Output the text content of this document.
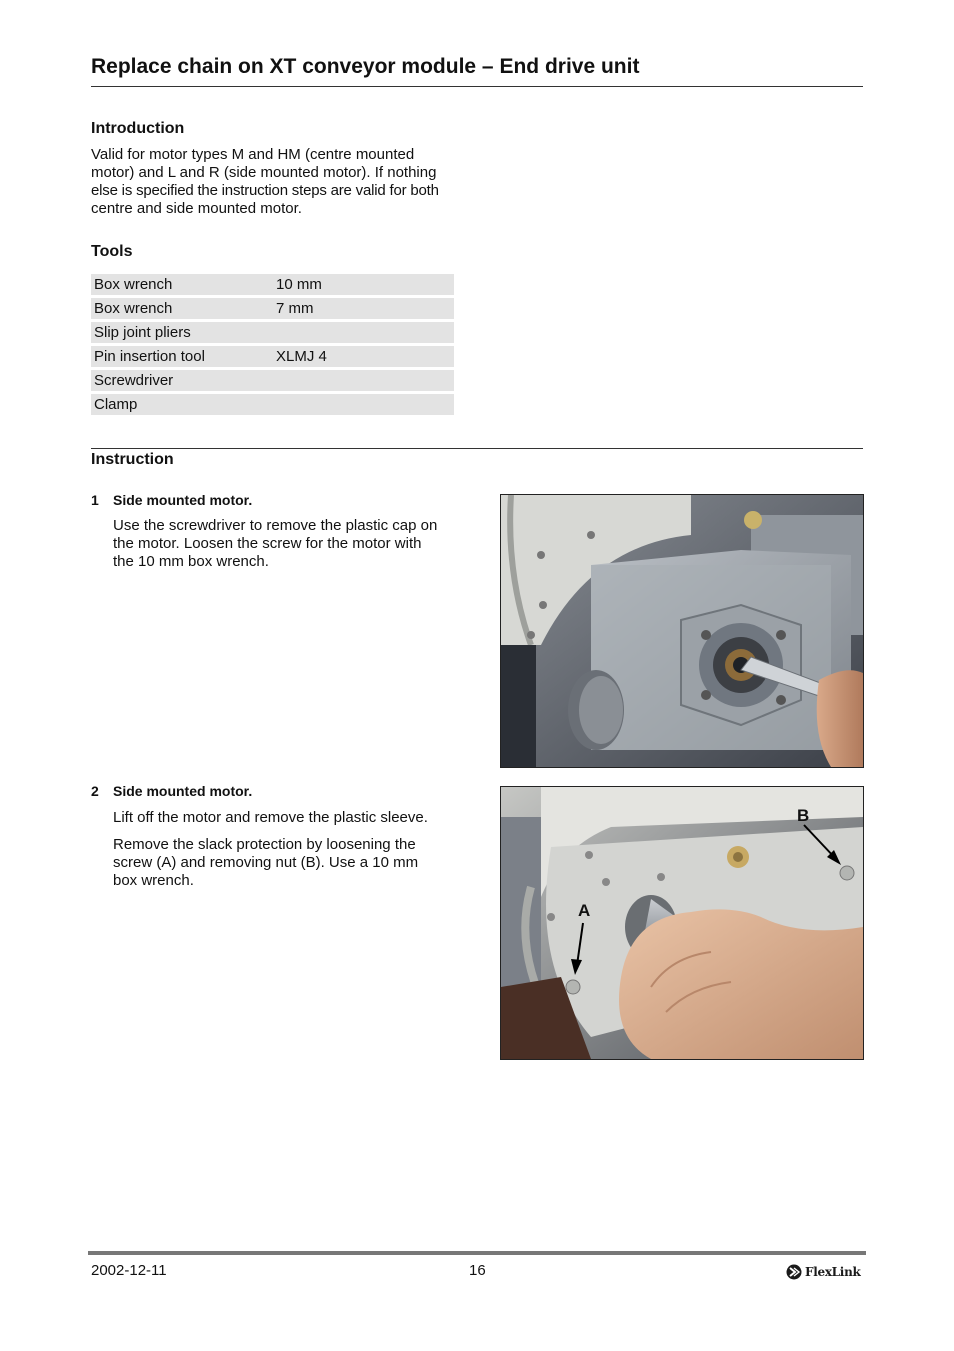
Replace chain on XT conveyor module – End drive unit
Introduction
Valid for motor types M and HM (centre mounted
motor) and L and R (side mounted motor). If nothing
else is specified the instruction steps are valid for both
centre and side mounted motor.
Tools
Box wrench	10 mm
Box wrench	7 mm
Slip joint pliers
Pin insertion tool	XLMJ 4
Screwdriver
Clamp
Instruction
1 Side mounted motor.
Use the screwdriver to remove the plastic cap on
the motor. Loosen the screw for the motor with
the 10 mm box wrench.
2 Side mounted motor.
Lift off the motor and remove the plastic sleeve.
Remove the slack protection by loosening the
screw (A) and removing nut (B). Use a 10 mm
box wrench.
B
A
2002-12-11	16	FlexLink
